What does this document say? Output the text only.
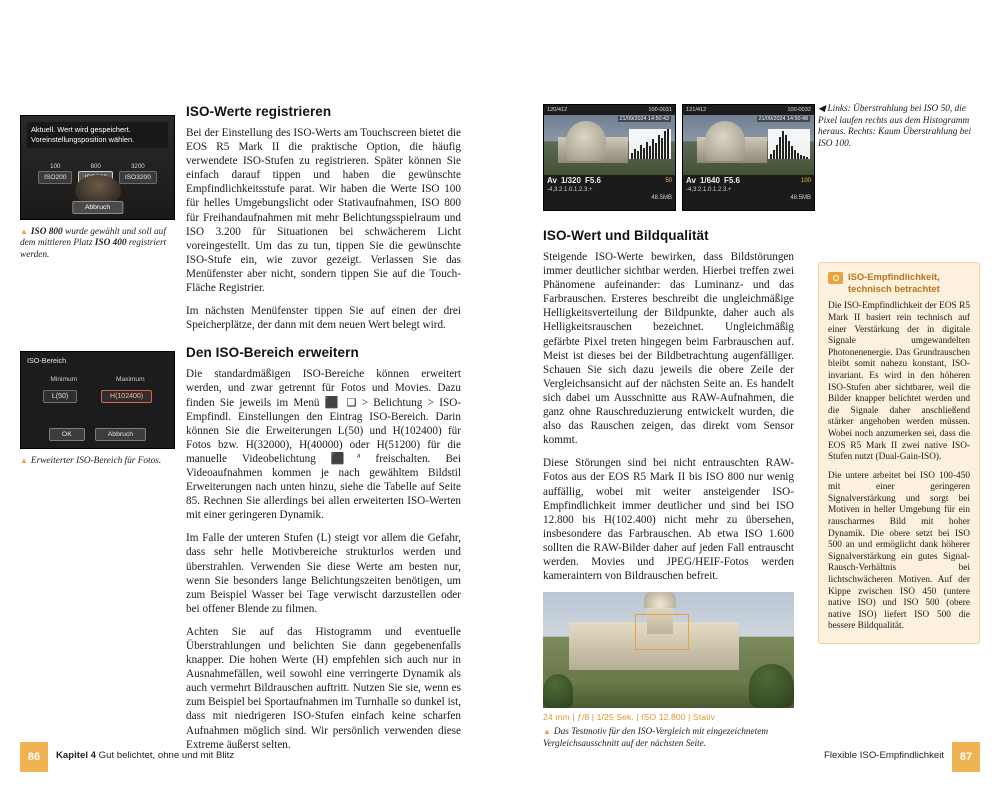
Aktuell. Wert wird gespeichert.
Voreinstellungsposition wählen.
100
ISO200
800	3200
ISO3200
Abbruch
▲ ISO 800 wurde gewählt und soll auf dem mittleren Platz ISO 400 registriert werden.
ISO-Bereich
Minimum	Maximum
L(50)	H(102400)
OK	Abbruch
▲ Erweiterter ISO-Bereich für Fotos.
ISO-Werte registrieren

Bei der Einstellung des ISO-Werts am Touchscreen bietet die EOS R5 Mark II die praktische Option, die häufig verwendete ISO-Stufen zu registrieren. Später können Sie einfach darauf tippen und haben die gewünschte Empfindlichkeitsstufe parat. Wir haben die Werte ISO 100 für helles Umgebungslicht oder Stativaufnahmen, ISO 800 für Freihandaufnahmen mit mehr Belichtungsspielraum und ISO 3.200 für Situationen bei schwächerem Licht voreingestellt. Um das zu tun, tippen Sie die gewünschte ISO-Stufe ein, wie zuvor gezeigt. Verlassen Sie das Menüfenster aber nicht, sondern tippen Sie auf die Touch-Fläche Registrier.

Im nächsten Menüfenster tippen Sie auf einen der drei Speicherplätze, der dann mit dem neuen Wert belegt wird.

Den ISO-Bereich erweitern

Die standardmäßigen ISO-Bereiche können erweitert werden, und zwar getrennt für Fotos und Movies. Dazu finden Sie jeweils im Menü ⬛ ❑ > Belichtung > ISO-Empfindl. Einstellungen den Eintrag ISO-Bereich. Darin können Sie die Erweiterungen L(50) und H(102400) für Fotos bzw. H(32000), H(40000) oder H(51200) für die manuelle Videobelichtung ⬛ª freischalten. Bei Videoaufnahmen kommen je nach gewähltem Bildstil Erweiterungen nach unten hinzu, siehe die Tabelle auf Seite 85. Rechnen Sie allerdings bei allen erweiterten ISO-Werten mit einer geringeren Dynamik.

Im Falle der unteren Stufen (L) steigt vor allem die Gefahr, dass sehr helle Motivbereiche strukturlos werden und überstrahlen. Verwenden Sie diese Werte am besten nur, wenn Sie besonders lange Belichtungszeiten benötigen, um zum Beispiel Wasser bei Tage verwischt darzustellen oder bei offener Blende zu filmen.

Achten Sie auf das Histogramm und eventuelle Überstrahlungen und belichten Sie dann gegebenenfalls knapper. Die hohen Werte (H) empfehlen sich auch nur in Ausnahmefällen, weil sowohl eine verringerte Dynamik als auch vermehrt Bildrauschen auftritt. Nutzen Sie sie, wenn es zum Beispiel bei Sportaufnahmen im Turnhalle so dunkel ist, dass mit niedrigeren ISO-Stufen einfach keine scharfen Aufnahmen möglich sind. Wir persönlich verwenden diese Extreme äußerst selten.

120/412	100-0031
21/09/2024 14:50:43
Av 1/320 F5.6	50
-4,3.2.1.0.1.2.3.+
48.5MB
121/412	100-0032
21/09/2024 14:50:48
Av 1/640 F5.6	100
-4,3.2.1.0.1.2.3.+
48.5MB
◀ Links: Überstrahlung bei ISO 50, die Pixel laufen rechts aus dem Histogramm heraus. Rechts: Kaum Überstrahlung bei ISO 100.
ISO-Empfindlichkeit, technisch betrachtet

Die ISO-Empfindlichkeit der EOS R5 Mark II basiert rein technisch auf einer Verstärkung der in digitale Signale umgewandelten Photonenenergie. Das Grundrauschen bleibt somit nahezu konstant, ISO-invariant. Es wird in den höheren ISO-Stufen aber sichtbarer, weil die Bilder knapper belichtet werden und die Signale daher anschließend stärker angehoben werden müssen. Wobei noch anzumerken sei, dass die EOS R5 Mark II zwei native ISO-Stufen nutzt (Dual-Gain-ISO).

Die untere arbeitet bei ISO 100-450 mit einer geringeren Signalverstärkung und sorgt bei Motiven in heller Umgebung für ein rauscharmes Bild mit hoher Dynamik. Die obere setzt bei ISO 500 an und ermöglicht dank höherer Signalverstärkung ein gutes Signal-Rausch-Verhältnis bei lichtschwächeren Motiven. Auf der Kippe zwischen ISO 450 (untere native ISO) und ISO 500 (obere native ISO) liefert ISO 500 die bessere Bildqualität.

ISO-Wert und Bildqualität

Steigende ISO-Werte bewirken, dass Bildstörungen immer deutlicher sichtbar werden. Hierbei treffen zwei Phänomene aufeinander: das Luminanz- und das Farbrauschen. Ersteres beschreibt die ungleichmäßige Helligkeitsverteilung der Bildpunkte, daher auch als Helligkeitsrauschen bezeichnet. Ungleichmäßig gefärbte Pixel treten hingegen beim Farbrauschen auf. Meist ist dieses bei der Bildbetrachtung augenfälliger. Schauen Sie sich dazu jeweils die obere Zeile der Vergleichsansicht auf der nächsten Seite an. Es handelt sich dabei um Ausschnitte aus RAW-Aufnahmen, die ganz ohne Rauschreduzierung entwickelt wurden, die also das Rauschen zeigen, das direkt vom Sensor kommt.

Diese Störungen sind bei nicht entrauschten RAW-Fotos aus der EOS R5 Mark II bis ISO 800 nur wenig auffällig, wobei mit weiter ansteigender ISO-Empfindlichkeit immer deutlicher und sind bei ISO 12.800 bis H(102.400) nicht mehr zu übersehen, insbesondere das Farbrauschen. Ab etwa ISO 1.600 sollten die RAW-Bilder daher auf jeden Fall entrauscht werden. Movies und JPEG/HEIF-Fotos werden kameraintern von Bildrauschen befreit.

24 mm | ƒ/8 | 1/25 Sek. | ISO 12.800 | Stativ
▲ Das Testmotiv für den ISO-Vergleich mit eingezeichnetem Vergleichsausschnitt auf der nächsten Seite.
86	Kapitel 4 Gut belichtet, ohne und mit Blitz	Flexible ISO-Empfindlichkeit	87
